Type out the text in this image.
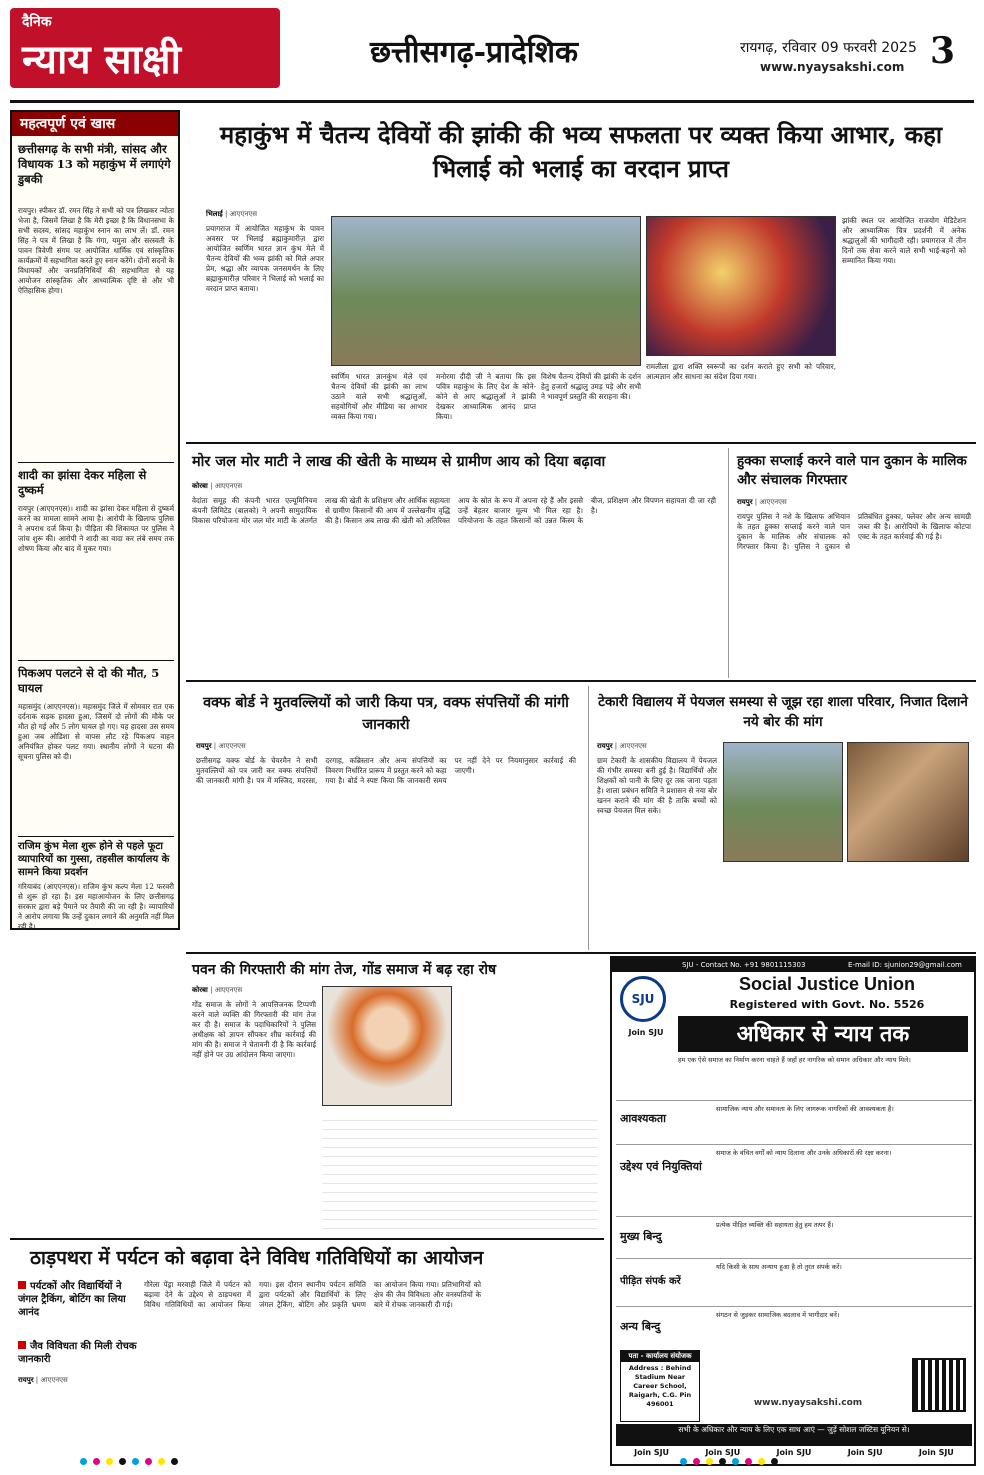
दैनिक
न्याय साक्षी	छत्तीसगढ़-प्रादेशिक	रायगढ़, रविवार 09 फरवरी 2025
www.nyaysakshi.com 3
महत्वपूर्ण एवं खास
छत्तीसगढ़ के सभी मंत्री, सांसद और विधायक 13 को महाकुंभ में लगाएंगे डुबकी
रायपुर। स्पीकर डॉ. रमन सिंह ने सभी को पत्र लिखकर न्योता भेजा है, जिसमें लिखा है कि मेरी इच्छा है कि विधानसभा के सभी सदस्य, सांसद महाकुंभ स्नान का लाभ लें। डॉ. रमन सिंह ने पत्र में लिखा है कि गंगा, यमुना और सरस्वती के पावन त्रिवेणी संगम पर आयोजित धार्मिक एवं सांस्कृतिक कार्यक्रमों में सहभागिता करते हुए स्नान करेंगे। दोनों सदनों के विधायकों और जनप्रतिनिधियों की सहभागिता से यह आयोजन सांस्कृतिक और आध्यात्मिक दृष्टि से और भी ऐतिहासिक होगा।
शादी का झांसा देकर महिला से दुष्कर्म
रायपुर (आएएनएस)। शादी का झांसा देकर महिला से दुष्कर्म करने का मामला सामने आया है। आरोपी के खिलाफ पुलिस ने अपराध दर्ज किया है। पीड़िता की शिकायत पर पुलिस ने जांच शुरू की। आरोपी ने शादी का वादा कर लंबे समय तक शोषण किया और बाद में मुकर गया।
पिकअप पलटने से दो की मौत, 5 घायल
महासमुंद (आएएनएस)। महासमुंद जिले में सोमवार रात एक दर्दनाक सड़क हादसा हुआ, जिसमें दो लोगों की मौके पर मौत हो गई और 5 लोग घायल हो गए। यह हादसा उस समय हुआ जब ओडिशा से वापस लौट रहे पिकअप वाहन अनियंत्रित होकर पलट गया। स्थानीय लोगों ने घटना की सूचना पुलिस को दी।
राजिम कुंभ मेला शुरू होने से पहले फूटा व्यापारियों का गुस्सा, तहसील कार्यालय के सामने किया प्रदर्शन
गरियाबंद (आएएनएस)। राजिम कुंभ कल्प मेला 12 फरवरी से शुरू हो रहा है। इस महाआयोजन के लिए छत्तीसगढ़ सरकार द्वारा बड़े पैमाने पर तैयारी की जा रही है। व्यापारियों ने आरोप लगाया कि उन्हें दुकान लगाने की अनुमति नहीं मिल रही है।
महाकुंभ में चैतन्य देवियों की झांकी की भव्य सफलता पर व्यक्त किया आभार, कहा भिलाई को भलाई का वरदान प्राप्त
भिलाई | आएएनएस
प्रयागराज में आयोजित महाकुंभ के पावन अवसर पर भिलाई ब्रह्माकुमारीज़ द्वारा आयोजित स्वर्णिम भारत ज्ञान कुंभ मेले में चैतन्य देवियों की भव्य झांकी को मिले अपार प्रेम, श्रद्धा और व्यापक जनसमर्थन के लिए ब्रह्माकुमारीज़ परिवार ने भिलाई को भलाई का वरदान प्राप्त बताया।
स्वर्णिम भारत ज्ञानकुंभ मेले एवं चैतन्य देवियों की झांकी का लाभ उठाने वाले सभी श्रद्धालुओं, सहयोगियों और मीडिया का आभार व्यक्त किया गया।
मनोरमा दीदी जी ने बताया कि इस पवित्र महाकुंभ के लिए देश के कोने-कोने से आए श्रद्धालुओं ने झांकी देखकर आध्यात्मिक आनंद प्राप्त किया।
विशेष चैतन्य देवियों की झांकी के दर्शन हेतु हजारों श्रद्धालु उमड़ पड़े और सभी ने भावपूर्ण प्रस्तुति की सराहना की।
रामलीला द्वारा शक्ति स्वरूपों का दर्शन कराते हुए सभी को परिवार, आत्मज्ञान और साधना का संदेश दिया गया।
झांकी स्थल पर आयोजित राजयोग मेडिटेशन और आध्यात्मिक चित्र प्रदर्शनी में अनेक श्रद्धालुओं की भागीदारी रही। प्रयागराज में तीन दिनों तक सेवा करने वाले सभी भाई-बहनों को सम्मानित किया गया।
मोर जल मोर माटी ने लाख की खेती के माध्यम से ग्रामीण आय को दिया बढ़ावा
कोरबा | आएएनएस
वेदांता समूह की कंपनी भारत एल्यूमिनियम कंपनी लिमिटेड (बालको) ने अपनी सामुदायिक विकास परियोजना मोर जल मोर माटी के अंतर्गत लाख की खेती के प्रशिक्षण और आर्थिक सहायता से ग्रामीण किसानों की आय में उल्लेखनीय वृद्धि की है। किसान अब लाख की खेती को अतिरिक्त आय के स्रोत के रूप में अपना रहे हैं और इससे उन्हें बेहतर बाजार मूल्य भी मिल रहा है। परियोजना के तहत किसानों को उन्नत किस्म के बीज, प्रशिक्षण और विपणन सहायता दी जा रही है।
हुक्का सप्लाई करने वाले पान दुकान के मालिक और संचालक गिरफ्तार
रायपुर | आएएनएस
रायपुर पुलिस ने नशे के खिलाफ अभियान के तहत हुक्का सप्लाई करने वाले पान दुकान के मालिक और संचालक को गिरफ्तार किया है। पुलिस ने दुकान से प्रतिबंधित हुक्का, फ्लेवर और अन्य सामग्री जब्त की है। आरोपियों के खिलाफ कोटपा एक्ट के तहत कार्रवाई की गई है।
वक्फ बोर्ड ने मुतवल्लियों को जारी किया पत्र, वक्फ संपत्तियों की मांगी जानकारी
रायपुर | आएएनएस
छत्तीसगढ़ वक्फ बोर्ड के चेयरमैन ने सभी मुतवल्लियों को पत्र जारी कर वक्फ संपत्तियों की जानकारी मांगी है। पत्र में मस्जिद, मदरसा, दरगाह, कब्रिस्तान और अन्य संपत्तियों का विवरण निर्धारित प्रारूप में प्रस्तुत करने को कहा गया है। बोर्ड ने स्पष्ट किया कि जानकारी समय पर नहीं देने पर नियमानुसार कार्रवाई की जाएगी।
टेकारी विद्यालय में पेयजल समस्या से जूझ रहा शाला परिवार, निजात दिलाने नये बोर की मांग
रायपुर | आएएनएस
ग्राम टेकारी के शासकीय विद्यालय में पेयजल की गंभीर समस्या बनी हुई है। विद्यार्थियों और शिक्षकों को पानी के लिए दूर तक जाना पड़ता है। शाला प्रबंधन समिति ने प्रशासन से नया बोर खनन कराने की मांग की है ताकि बच्चों को स्वच्छ पेयजल मिल सके।
पवन की गिरफ्तारी की मांग तेज, गोंड समाज में बढ़ रहा रोष
कोरबा | आएएनएस
गोंड समाज के लोगों ने आपत्तिजनक टिप्पणी करने वाले व्यक्ति की गिरफ्तारी की मांग तेज कर दी है। समाज के पदाधिकारियों ने पुलिस अधीक्षक को ज्ञापन सौंपकर शीघ्र कार्रवाई की मांग की है। समाज ने चेतावनी दी है कि कार्रवाई नहीं होने पर उग्र आंदोलन किया जाएगा।
SJU - Contact No. +91 9801115303	E-mail ID: sjunion29@gmail.com
SJU
Social Justice Union
Registered with Govt. No. 5526
Join SJU	अधिकार से न्याय तक
हम एक ऐसे समाज का निर्माण करना चाहते हैं जहाँ हर नागरिक को समान अधिकार और न्याय मिले।
आवश्यकता
सामाजिक न्याय और समानता के लिए जागरूक नागरिकों की आवश्यकता है।
उद्देश्य एवं नियुक्तियां
समाज के वंचित वर्गों को न्याय दिलाना और उनके अधिकारों की रक्षा करना।
मुख्य बिन्दु
प्रत्येक पीड़ित व्यक्ति की सहायता हेतु हम तत्पर हैं।
पीड़ित संपर्क करें
यदि किसी के साथ अन्याय हुआ है तो तुरंत संपर्क करें।
अन्य बिन्दु
संगठन से जुड़कर सामाजिक बदलाव में भागीदार बनें।
पता - कार्यालय संयोजक
Address : Behind Stadium Near Career School, Raigarh, C.G. Pin 496001	www.nyaysakshi.com
सभी के अधिकार और न्याय के लिए एक साथ आएं — जुड़ें सोशल जस्टिस यूनियन से।
Join SJU	Join SJU	Join SJU	Join SJU	Join SJU
ठाड़पथरा में पर्यटन को बढ़ावा देने विविध गतिविधियों का आयोजन
पर्यटकों और विद्यार्थियों ने जंगल ट्रैकिंग, बोटिंग का लिया आनंद
जैव विविधता की मिली रोचक जानकारी
रायपुर | आएएनएस
गौरेला पेंड्रा मरवाही जिले में पर्यटन को बढ़ावा देने के उद्देश्य से ठाड़पथरा में विविध गतिविधियों का आयोजन किया गया। इस दौरान स्थानीय पर्यटन समिति द्वारा पर्यटकों और विद्यार्थियों के लिए जंगल ट्रैकिंग, बोटिंग और प्रकृति भ्रमण का आयोजन किया गया। प्रतिभागियों को क्षेत्र की जैव विविधता और वनस्पतियों के बारे में रोचक जानकारी दी गई।
